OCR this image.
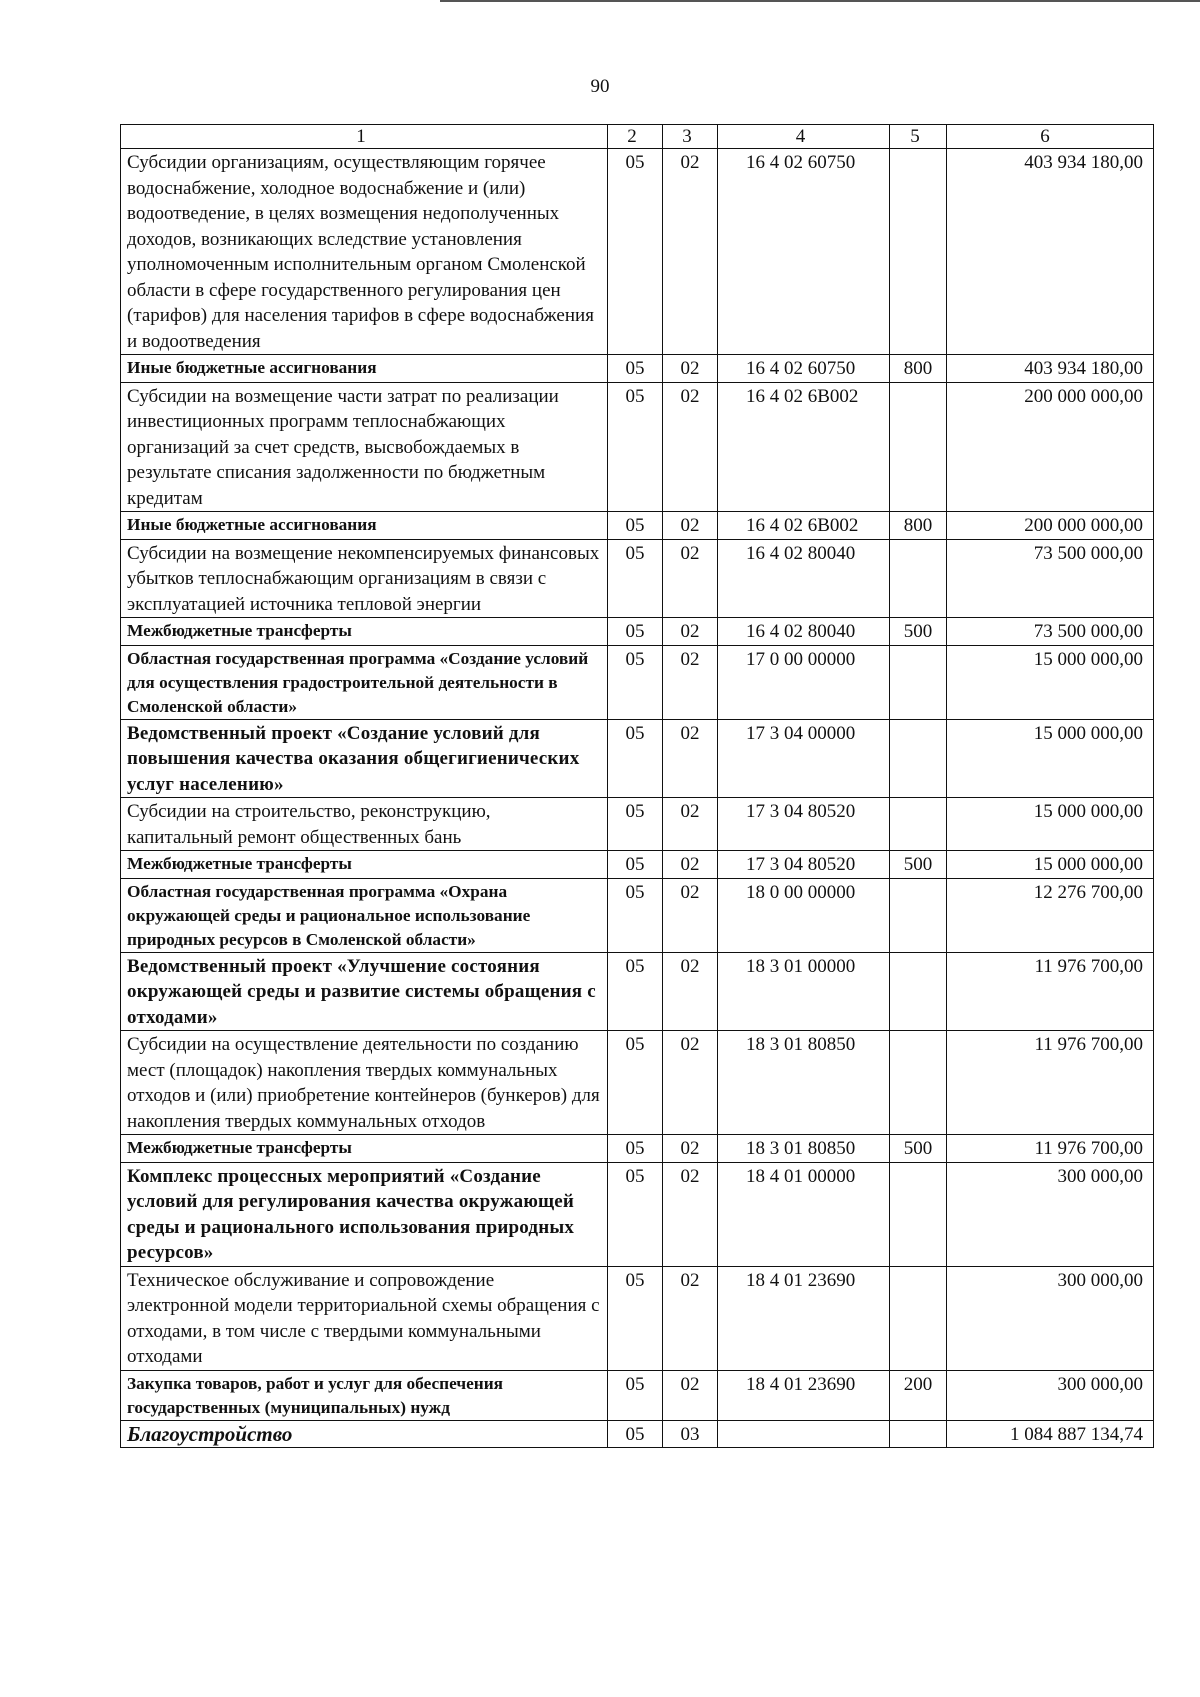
90
1	2	3	4	5	6
Субсидии организациям, осуществляющим горячее водоснабжение, холодное водоснабжение и (или) водоотведение, в целях возмещения недополученных доходов, возникающих вследствие установления уполномоченным исполнительным органом Смоленской области в сфере государственного регулирования цен (тарифов) для населения тарифов в сфере водоснабжения и водоотведения	05	02	16 4 02 60750		403 934 180,00
Иные бюджетные ассигнования	05	02	16 4 02 60750	800	403 934 180,00
Субсидии на возмещение части затрат по реализации инвестиционных программ теплоснабжающих организаций за счет средств, высвобождаемых в результате списания задолженности по бюджетным кредитам	05	02	16 4 02 6В002		200 000 000,00
Иные бюджетные ассигнования	05	02	16 4 02 6В002	800	200 000 000,00
Субсидии на возмещение некомпенсируемых финансовых убытков теплоснабжающим организациям в связи с эксплуатацией источника тепловой энергии	05	02	16 4 02 80040		73 500 000,00
Межбюджетные трансферты	05	02	16 4 02 80040	500	73 500 000,00
Областная государственная программа «Создание условий для осуществления градостроительной деятельности в Смоленской области»	05	02	17 0 00 00000		15 000 000,00
Ведомственный проект «Создание условий для повышения качества оказания общегигиенических услуг населению»	05	02	17 3 04 00000		15 000 000,00
Субсидии на строительство, реконструкцию, капитальный ремонт общественных бань	05	02	17 3 04 80520		15 000 000,00
Межбюджетные трансферты	05	02	17 3 04 80520	500	15 000 000,00
Областная государственная программа «Охрана окружающей среды и рациональное использование природных ресурсов в Смоленской области»	05	02	18 0 00 00000		12 276 700,00
Ведомственный проект «Улучшение состояния окружающей среды и развитие системы обращения с отходами»	05	02	18 3 01 00000		11 976 700,00
Субсидии на осуществление деятельности по созданию мест (площадок) накопления твердых коммунальных отходов и (или) приобретение контейнеров (бункеров) для накопления твердых коммунальных отходов	05	02	18 3 01 80850		11 976 700,00
Межбюджетные трансферты	05	02	18 3 01 80850	500	11 976 700,00
Комплекс процессных мероприятий «Создание условий для регулирования качества окружающей среды и рационального использования природных ресурсов»	05	02	18 4 01 00000		300 000,00
Техническое обслуживание и сопровождение электронной модели территориальной схемы обращения с отходами, в том числе с твердыми коммунальными отходами	05	02	18 4 01 23690		300 000,00
Закупка товаров, работ и услуг для обеспечения государственных (муниципальных) нужд	05	02	18 4 01 23690	200	300 000,00
Благоустройство	05	03			1 084 887 134,74
